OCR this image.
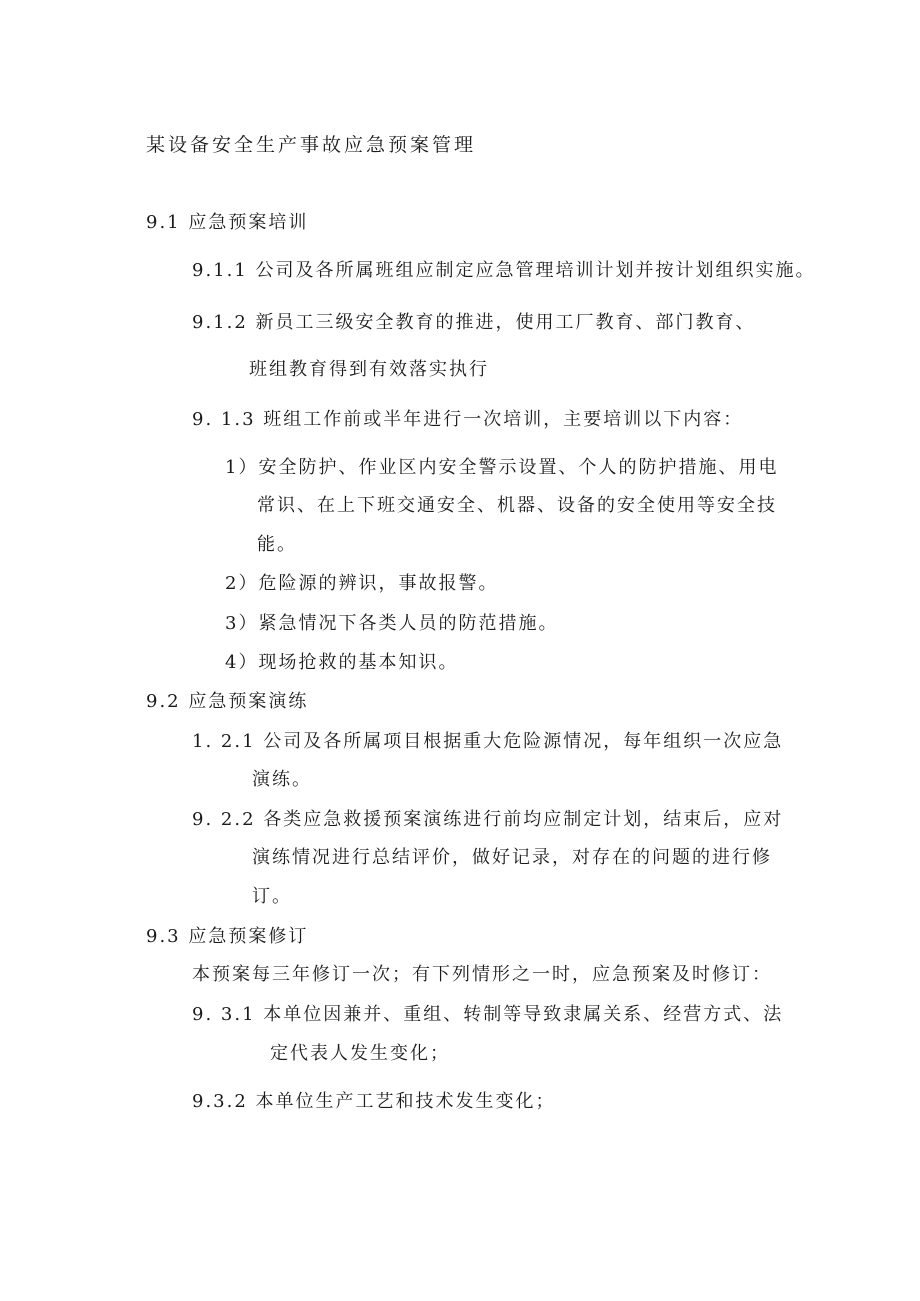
某设备安全生产事故应急预案管理
9.1 应急预案培训
9.1.1 公司及各所属班组应制定应急管理培训计划并按计划组织实施。
9.1.2 新员工三级安全教育的推进，使用工厂教育、部门教育、
班组教育得到有效落实执行
9. 1.3 班组工作前或半年进行一次培训，主要培训以下内容：
1）安全防护、作业区内安全警示设置、个人的防护措施、用电
常识、在上下班交通安全、机器、设备的安全使用等安全技
能。
2）危险源的辨识，事故报警。
3）紧急情况下各类人员的防范措施。
4）现场抢救的基本知识。
9.2 应急预案演练
1. 2.1 公司及各所属项目根据重大危险源情况，每年组织一次应急
演练。
9. 2.2 各类应急救援预案演练进行前均应制定计划，结束后，应对
演练情况进行总结评价，做好记录，对存在的问题的进行修
订。
9.3 应急预案修订
本预案每三年修订一次；有下列情形之一时，应急预案及时修订：
9. 3.1 本单位因兼并、重组、转制等导致隶属关系、经营方式、法
定代表人发生变化；
9.3.2 本单位生产工艺和技术发生变化；
